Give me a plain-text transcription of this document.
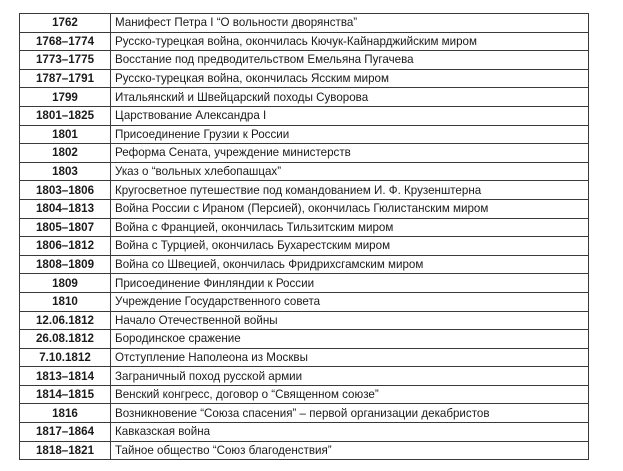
1762	Манифест Петра I “О вольности дворянства”
1768–1774	Русско-турецкая война, окончилась Кючук-Кайнарджийским миром
1773–1775	Восстание под предводительством Емельяна Пугачева
1787–1791	Русско-турецкая война, окончилась Ясским миром
1799	Итальянский и Швейцарский походы Суворова
1801–1825	Царствование Александра I
1801	Присоединение Грузии к России
1802	Реформа Сената, учреждение министерств
1803	Указ о “вольных хлебопашцах”
1803–1806	Кругосветное путешествие под командованием И. Ф. Крузенштерна
1804–1813	Война России с Ираном (Персией), окончилась Гюлистанским миром
1805–1807	Война с Францией, окончилась Тильзитским миром
1806–1812	Война с Турцией, окончилась Бухарестским миром
1808–1809	Война со Швецией, окончилась Фридрихсгамским миром
1809	Присоединение Финляндии к России
1810	Учреждение Государственного совета
12.06.1812	Начало Отечественной войны
26.08.1812	Бородинское сражение
7.10.1812	Отступление Наполеона из Москвы
1813–1814	Заграничный поход русской армии
1814–1815	Венский конгресс, договор о “Священном союзе”
1816	Возникновение “Союза спасения” – первой организации декабристов
1817–1864	Кавказская война
1818–1821	Тайное общество “Союз благоденствия”
